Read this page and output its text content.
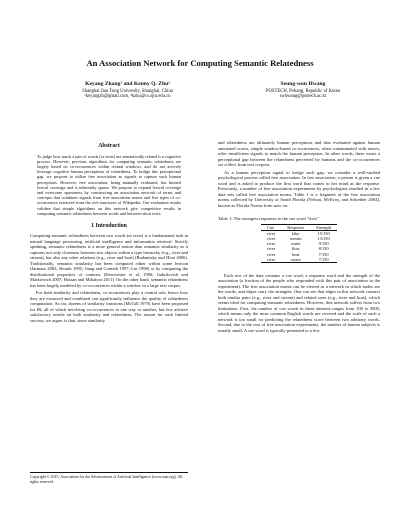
An Association Network for Computing Semantic Relatedness
Keyang Zhang¹ and Kenny Q. Zhu²
Shanghai Jiao Tong University, Shanghai, China
¹keyangzh@gmail.com, ²kzhu@cs.sjtu.edu.cn
Seung-won Hwang
POSTECH, Pohang, Republic of Korea
swhwang@postech.ac.kr
Abstract
To judge how much a pair of words (or texts) are semantically related is a cognitive process. However, previous algorithms for computing semantic relatedness are largely based on co-occurrences within textual windows, and do not actively leverage cognitive human perceptions of relatedness. To bridge this perceptional gap, we propose to utilize free association as signals to capture such human perceptions. However, free association, being manually evaluated, has limited lexical coverage and is inherently sparse. We propose to expand lexical coverage and overcome sparseness by constructing an association network of terms and concepts that combines signals from free association norms and five types of co-occurrences extracted from the rich structures of Wikipedia. Our evaluation results validate that simple algorithms on this network give competitive results in computing semantic relatedness between words and between short texts.
1 Introduction

Computing semantic relatedness between two words (or texts) is a fundamental task in natural language processing, artificial intelligence and information retrieval. Strictly speaking, semantic relatedness is a more general notion than semantic similarity as it captures not only closeness between two objects within a type hierarchy (e.g., river and stream), but also any other relations (e.g., river and boat) (Budanitsky and Hirst 2006). Traditionally, semantic similarity has been computed either within some lexicon (Jarmasz 2003; Resnik 1995; Jiang and Conrath 1997; Lin 1998) or by computing the distributional properties of contexts (Deerwester et al. 1990; Gabrilovich and Markovitch 2007; Hassan and Mihalcea 2011). On the other hand, semantic relatedness has been largely modeled by co-occurrences within a window in a large text corpus.

For both similarity and relatedness, co-occurrences play a central role, hence how they are extracted and combined can significantly influence the quality of relatedness computation. So far, dozens of similarity functions (McGill 1979) have been proposed for IR, all of which involving co-occurrences in one way or another, but few achieve satisfactory results on both similarity and relatedness. The reason for such limited success, we argue, is that, since similarity

and relatedness are ultimately human perceptions and thus evaluated against human annotated scores, simple window-based co-occurrences, often contaminated with noises, offer insufficient signals to match the human perception. In other words, there exists a perceptional gap between the relatedness perceived by humans and the co-occurrences we collect from text corpora.

As a human perception signal to bridge such gap, we consider a well-studied psychological process called free association. In free association, a person is given a cue word and is asked to produce the first word that comes to her mind as the response. Previously, a number of free association experiments by psychologists resulted in a few data sets called free association norms. Table 1 is a fragment of the free association norms collected by University of South Florida (Nelson, McEvoy, and Schreiber 2004), known as Florida Norms from now on.

Table 1: The strongest responses to the cue word "river"
Cue	Response	Strength
river	lake	15/150
river	stream	13/150
river	water	9/150
river	flow	8/150
river	boat	7/150
river	canoe	7/150

Each row of the data contains a cue word, a response word and the strength of the association (a fraction of the people who responded with this pair of association in the experiment). The free association norms can be viewed as a network in which nodes are the words, and edges carry the strengths. One can see that edges in this network connect both similar pairs (e.g., river and stream) and related ones (e.g., river and boat), which seems ideal for computing semantic relatedness. However, this network suffers from two limitations. First, the number of cue words in these datasets ranges from 100 to 5000, which means only the most common English words are covered and the scale of such a network is too small for predicting the relatedness score between two arbitrary words. Second, due to the cost of free association experiments, the number of human subjects is usually small. A cue word is typically presented to a few

Copyright © 2015, Association for the Advancement of Artificial Intelligence (www.aaai.org). All rights reserved.
